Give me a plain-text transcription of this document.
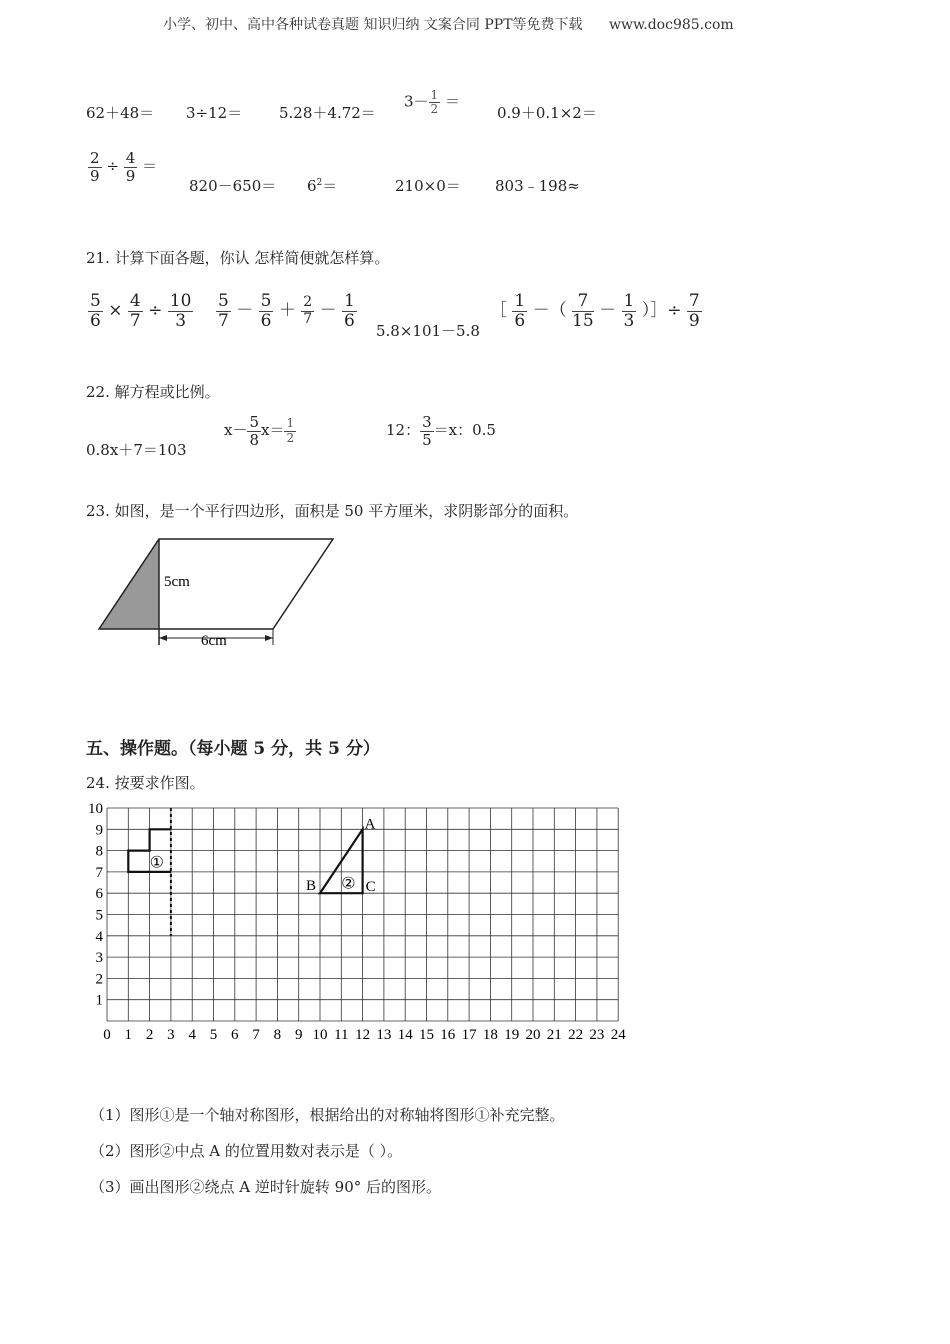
小学、初中、高中各种试卷真题 知识归纳 文案合同 PPT等免费下载 www.doc985.com
62＋48＝ 3÷12＝ 5.28＋4.72＝
$3- \frac{1}{2}$ ＝
0.9＋0.1×2＝
$\frac{2}{9} \div \frac{4}{9}$ ＝
$820-650= 6^2=$	210×0＝ 803﹣198≈
21. 计算下面各题，你认 怎样简便就怎样算。
$\frac{5}{6} \times \frac{4}{7} \div \frac{10}{3} \frac{5}{7} - \frac{5}{6} + \frac{2}{7} - \frac{1}{6}$
5.8×101－5.8
［ $\frac{1}{6}$ －（ $\frac{7}{15} - \frac{1}{3}$ ）］÷ $\frac{7}{9}$
22. 解方程或比例。
0.8x＋7＝103
$x- \frac{5}{8} x= \frac{1}{2}$	12： $\frac{3}{5} =x$：0.5
23. 如图，是一个平行四边形，面积是 50 平方厘米，求阴影部分的面积。
5cm
6cm
五、操作题。（每小题 5 分，共 5 分）
24. 按要求作图。
10
9
8
7
6
5
4
3
2
1
0 1 2 3 4 5 6 7 8 9 10 11 12 13 14 15 16 17 18 19 20 21 22 23 24
①
②
A
B	C
（1）图形①是一个轴对称图形，根据给出的对称轴将图形①补充完整。
（2）图形②中点 A 的位置用数对表示是（ ）。
（3）画出图形②绕点 A 逆时针旋转 90° 后的图形。
